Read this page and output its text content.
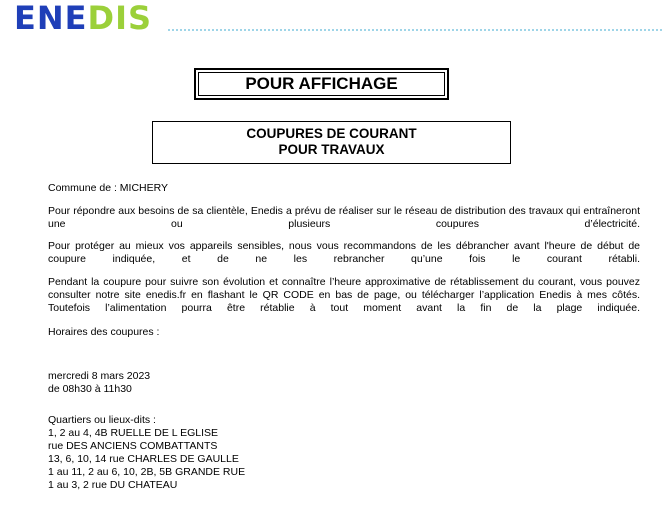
ENEDIS
POUR AFFICHAGE
COUPURES DE COURANT
POUR TRAVAUX
Commune de : MICHERY
Pour répondre aux besoins de sa clientèle, Enedis a prévu de réaliser sur le réseau de distribution des travaux qui entraîneront une ou plusieurs coupures d’électricité.
Pour protéger au mieux vos appareils sensibles, nous vous recommandons de les débrancher avant l'heure de début de coupure indiquée, et de ne les rebrancher qu’une fois le courant rétabli.
Pendant la coupure pour suivre son évolution et connaître l’heure approximative de rétablissement du courant, vous pouvez consulter notre site enedis.fr en flashant le QR CODE en bas de page, ou télécharger l’application Enedis à mes côtés. Toutefois l’alimentation pourra être rétablie à tout moment avant la fin de la plage indiquée.
Horaires des coupures :
mercredi 8 mars 2023
de 08h30 à 11h30
Quartiers ou lieux-dits :
1, 2 au 4, 4B RUELLE DE L EGLISE
rue DES ANCIENS COMBATTANTS
13, 6, 10, 14 rue CHARLES DE GAULLE
1 au 11, 2 au 6, 10, 2B, 5B GRANDE RUE
1 au 3, 2 rue DU CHATEAU
